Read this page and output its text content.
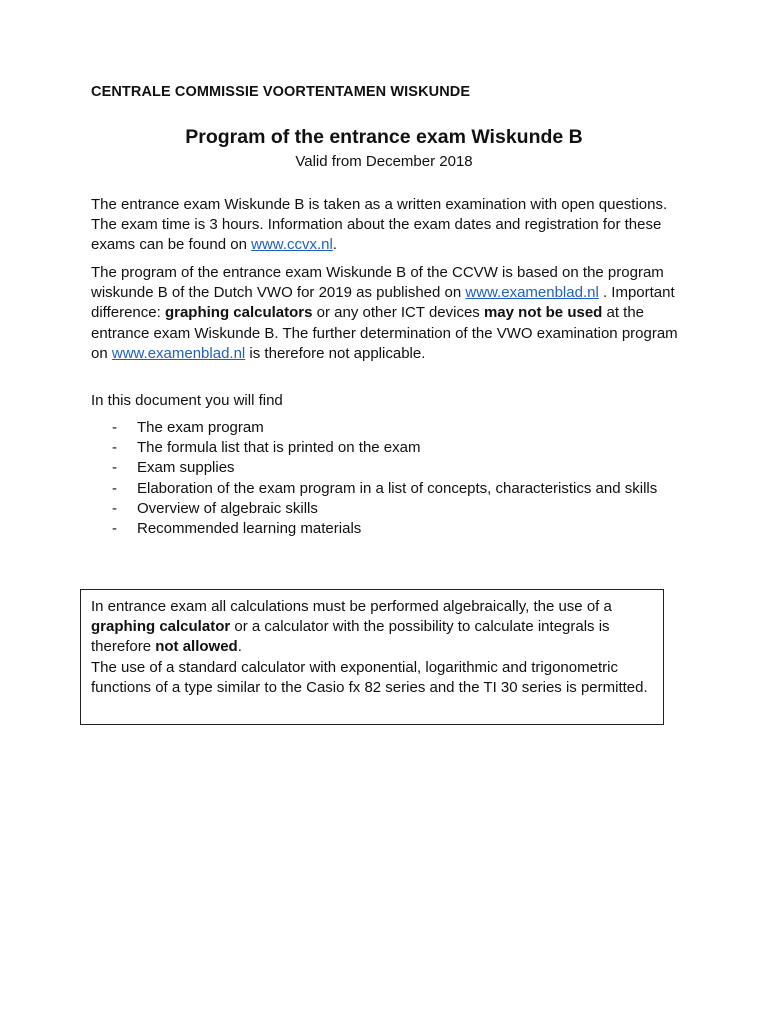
CENTRALE COMMISSIE VOORTENTAMEN WISKUNDE
Program of the entrance exam Wiskunde B
Valid from December 2018

The entrance exam Wiskunde B is taken as a written examination with open questions. The exam time is 3 hours. Information about the exam dates and registration for these exams can be found on www.ccvx.nl.

The program of the entrance exam Wiskunde B of the CCVW is based on the program wiskunde B of the Dutch VWO for 2019 as published on www.examenblad.nl . Important difference: graphing calculators or any other ICT devices may not be used at the entrance exam Wiskunde B. The further determination of the VWO examination program on www.examenblad.nl is therefore not applicable.

In this document you will find
- The exam program
- The formula list that is printed on the exam
- Exam supplies
- Elaboration of the exam program in a list of concepts, characteristics and skills
- Overview of algebraic skills
- Recommended learning materials

In entrance exam all calculations must be performed algebraically, the use of a graphing calculator or a calculator with the possibility to calculate integrals is therefore not allowed.

The use of a standard calculator with exponential, logarithmic and trigonometric functions of a type similar to the Casio fx 82 series and the TI 30 series is permitted.
